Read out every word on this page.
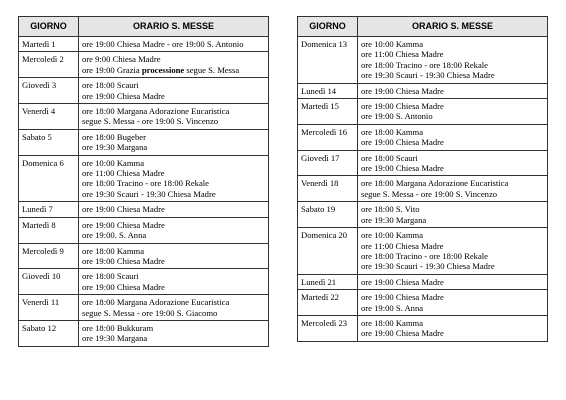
GIORNO	ORARIO S. MESSE
Martedì 1	ore 19:00 Chiesa Madre - ore 19:00 S. Antonio

Mercoledì 2	ore 9:00 Chiesa Madre
ore 19:00 Grazia processione segue S. Messa

Giovedì 3	ore 18:00 Scauri
ore 19:00 Chiesa Madre

Venerdì 4	ore 18:00 Margana Adorazione Eucaristica
segue S. Messa - ore 19:00 S. Vincenzo

Sabato 5	ore 18:00 Bugeber
ore 19:30 Margana

Domenica 6	ore 10:00 Kamma
ore 11:00 Chiesa Madre
ore 18:00 Tracino - ore 18:00 Rekale
ore 19:30 Scauri - 19:30 Chiesa Madre

Lunedì 7	ore 19:00 Chiesa Madre

Martedì 8	ore 19:00 Chiesa Madre
ore 19:00. S. Anna

Mercoledì 9	ore 18:00 Kamma
ore 19:00 Chiesa Madre

Giovedì 10	ore 18:00 Scauri
ore 19:00 Chiesa Madre

Venerdì 11	ore 18:00 Margana Adorazione Eucaristica
segue S. Messa - ore 19:00 S. Giacomo

Sabato 12	ore 18:00 Bukkuram
ore 19:30 Margana
GIORNO	ORARIO S. MESSE
Domenica 13	ore 10:00 Kamma
ore 11:00 Chiesa Madre
ore 18:00 Tracino - ore 18:00 Rekale
ore 19:30 Scauri - 19:30 Chiesa Madre

Lunedì 14	ore 19:00 Chiesa Madre

Martedì 15	ore 19:00 Chiesa Madre
ore 19:00 S. Antonio

Mercoledì 16	ore 18:00 Kamma
ore 19:00 Chiesa Madre

Giovedì 17	ore 18:00 Scauri
ore 19:00 Chiesa Madre

Venerdì 18	ore 18:00 Margana Adorazione Eucaristica
segue S. Messa - ore 19:00 S. Vincenzo

Sabato 19	ore 18:00 S. Vito
ore 19:30 Margana

Domenica 20	ore 10:00 Kamma
ore 11:00 Chiesa Madre
ore 18:00 Tracino - ore 18:00 Rekale
ore 19:30 Scauri - 19:30 Chiesa Madre

Lunedì 21	ore 19:00 Chiesa Madre

Martedì 22	ore 19:00 Chiesa Madre
ore 19:00 S. Anna

Mercoledì 23	ore 18:00 Kamma
ore 19:00 Chiesa Madre
